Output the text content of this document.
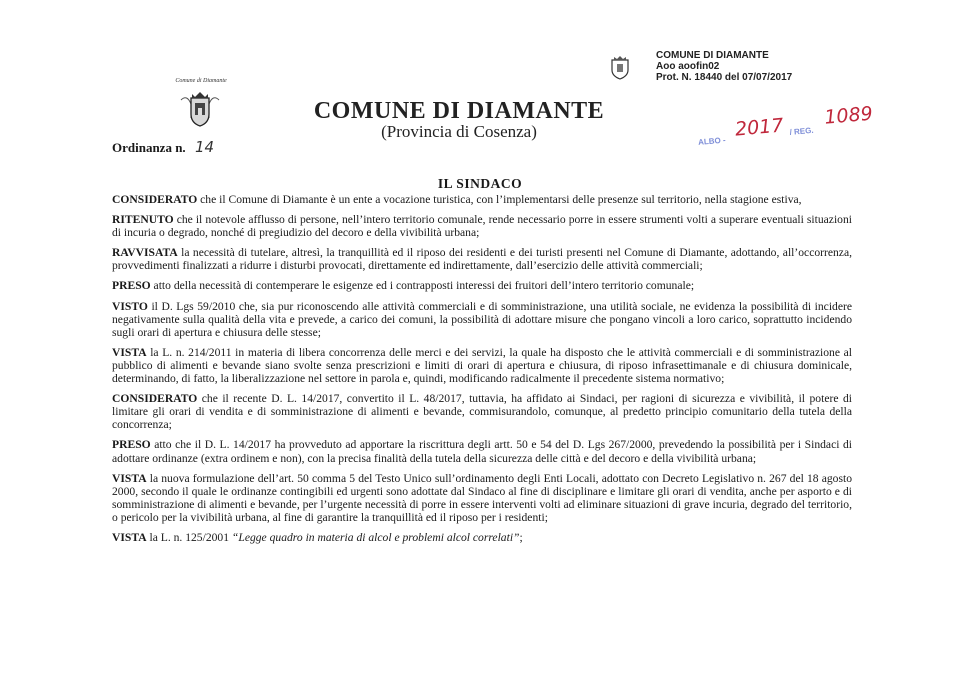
COMUNE DI DIAMANTE
Aoo aoofin02
Prot. N. 18440 del 07/07/2017
Comune di Diamante
COMUNE DI DIAMANTE
(Provincia di Cosenza)
Ordinanza n. 14	ALBO -
2017 / REG.
1089
IL SINDACO

CONSIDERATO che il Comune di Diamante è un ente a vocazione turistica, con l’implementarsi delle presenze sul territorio, nella stagione estiva,

RITENUTO che il notevole afflusso di persone, nell’intero territorio comunale, rende necessario porre in essere strumenti volti a superare eventuali situazioni di incuria o degrado, nonché di pregiudizio del decoro e della vivibilità urbana;

RAVVISATA la necessità di tutelare, altresì, la tranquillità ed il riposo dei residenti e dei turisti presenti nel Comune di Diamante, adottando, all’occorrenza, provvedimenti finalizzati a ridurre i disturbi provocati, direttamente ed indirettamente, dall’esercizio delle attività commerciali;

PRESO atto della necessità di contemperare le esigenze ed i contrapposti interessi dei fruitori dell’intero territorio comunale;

VISTO il D. Lgs 59/2010 che, sia pur riconoscendo alle attività commerciali e di somministrazione, una utilità sociale, ne evidenza la possibilità di incidere negativamente sulla qualità della vita e prevede, a carico dei comuni, la possibilità di adottare misure che pongano vincoli a loro carico, soprattutto incidendo sugli orari di apertura e chiusura delle stesse;

VISTA la L. n. 214/2011 in materia di libera concorrenza delle merci e dei servizi, la quale ha disposto che le attività commerciali e di somministrazione al pubblico di alimenti e bevande siano svolte senza prescrizioni e limiti di orari di apertura e chiusura, di riposo infrasettimanale e di chiusura dominicale, determinando, di fatto, la liberalizzazione nel settore in parola e, quindi, modificando radicalmente il precedente sistema normativo;

CONSIDERATO che il recente D. L. 14/2017, convertito il L. 48/2017, tuttavia, ha affidato ai Sindaci, per ragioni di sicurezza e vivibilità, il potere di limitare gli orari di vendita e di somministrazione di alimenti e bevande, commisurandolo, comunque, al predetto principio comunitario della tutela della concorrenza;

PRESO atto che il D. L. 14/2017 ha provveduto ad apportare la riscrittura degli artt. 50 e 54 del D. Lgs 267/2000, prevedendo la possibilità per i Sindaci di adottare ordinanze (extra ordinem e non), con la precisa finalità della tutela della sicurezza delle città e del decoro e della vivibilità urbana;

VISTA la nuova formulazione dell’art. 50 comma 5 del Testo Unico sull’ordinamento degli Enti Locali, adottato con Decreto Legislativo n. 267 del 18 agosto 2000, secondo il quale le ordinanze contingibili ed urgenti sono adottate dal Sindaco al fine di disciplinare e limitare gli orari di vendita, anche per asporto e di somministrazione di alimenti e bevande, per l’urgente necessità di porre in essere interventi volti ad eliminare situazioni di grave incuria, degrado del territorio, o pericolo per la vivibilità urbana, al fine di garantire la tranquillità ed il riposo per i residenti;

VISTA la L. n. 125/2001 “Legge quadro in materia di alcol e problemi alcol correlati”;
